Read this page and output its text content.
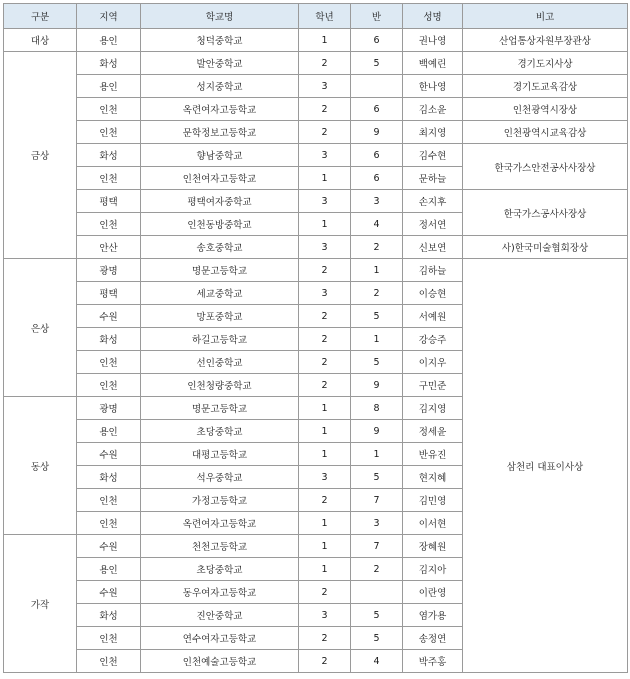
구분	지역	학교명	학년	반	성명	비고
대상	용인	청덕중학교	1	6	권나영	산업통상자원부장관상
금상	화성	발안중학교	2	5	백예린	경기도지사상
	용인	성지중학교	3		한나영	경기도교육감상
	인천	옥련여자고등학교	2	6	김소윤	인천광역시장상
	인천	문학정보고등학교	2	9	최지영	인천광역시교육감상
	화성	향남중학교	3	6	김수현	한국가스안전공사사장상
	인천	인천여자고등학교	1	6	문하늘	
	평택	평택여자중학교	3	3	손지후	한국가스공사사장상
	인천	인천동방중학교	1	4	정서연	
	안산	송호중학교	3	2	신보연	사)한국미술협회장상
은상	광명	명문고등학교	2	1	김하늘	삼천리 대표이사상
	평택	세교중학교	3	2	이승현	
	수원	망포중학교	2	5	서예원	
	화성	하길고등학교	2	1	강승주	
	인천	선인중학교	2	5	이지우	
	인천	인천청량중학교	2	9	구민준	
동상	광명	명문고등학교	1	8	김지영	
	용인	초당중학교	1	9	정세윤	
	수원	대평고등학교	1	1	반유진	
	화성	석우중학교	3	5	현지혜	
	인천	가정고등학교	2	7	김민영	
	인천	옥련여자고등학교	1	3	이서현	
가작	수원	천천고등학교	1	7	장혜원	
	용인	초당중학교	1	2	김지아	
	수원	동우여자고등학교	2		이란영	
	화성	진안중학교	3	5	염가용	
	인천	연수여자고등학교	2	5	송정연	
	인천	인천예술고등학교	2	4	박주홍	
